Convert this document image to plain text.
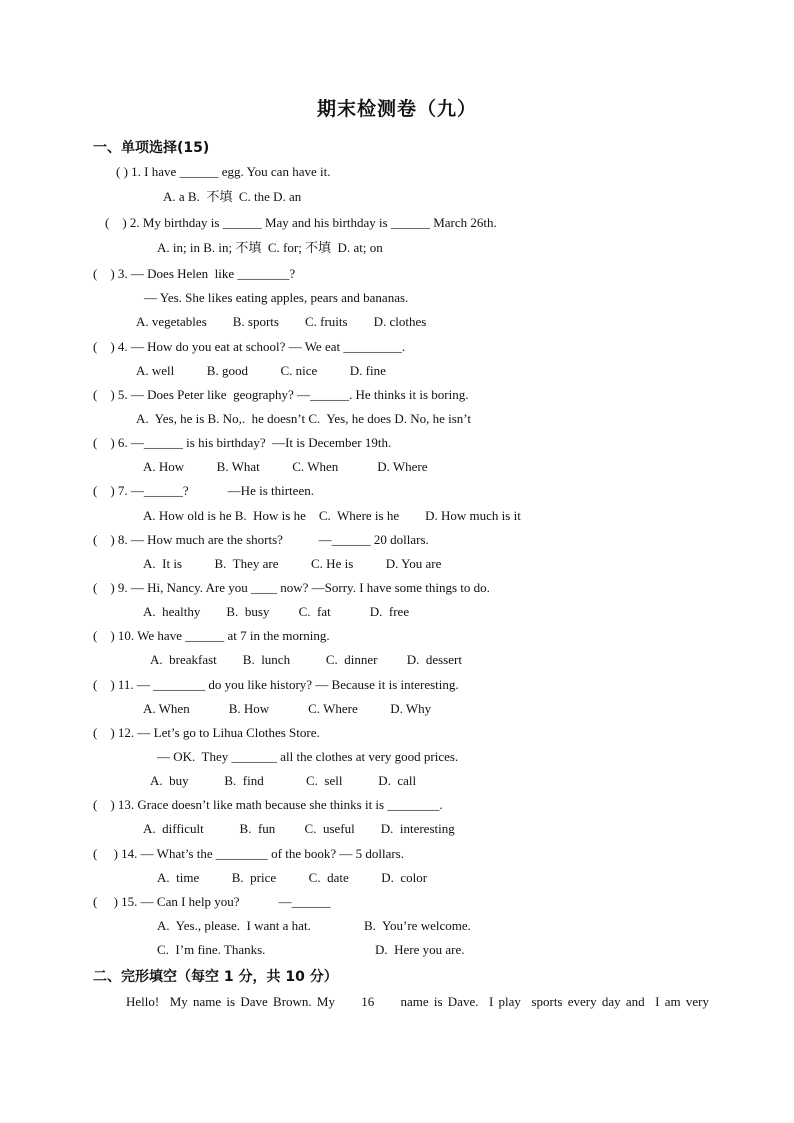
期末检测卷（九）
一、单项选择(15)
( ) 1. I have ______ egg. You can have it.
A. a B.  不填  C. the D. an
(    ) 2. My birthday is ______ May and his birthday is ______ March 26th.
A. in; in B. in; 不填  C. for; 不填  D. at; on
(    ) 3. — Does Helen  like ________?
— Yes. She likes eating apples, pears and bananas.
A. vegetables        B. sports        C. fruits        D. clothes
(    ) 4. — How do you eat at school? — We eat _________.
A. well          B. good          C. nice          D. fine
(    ) 5. — Does Peter like  geography? —______. He thinks it is boring.
A.  Yes, he is B. No,.  he doesn’t C.  Yes, he does D. No, he isn’t
(    ) 6. —______ is his birthday?  —It is December 19th.
A. How          B. What          C. When            D. Where
(    ) 7. —______?            —He is thirteen.
A. How old is he B.  How is he    C.  Where is he        D. How much is it
(    ) 8. — How much are the shorts?           —______ 20 dollars.
A.  It is          B.  They are          C. He is          D. You are
(    ) 9. — Hi, Nancy. Are you ____ now? —Sorry. I have some things to do.
A.  healthy        B.  busy         C.  fat            D.  free
(    ) 10. We have ______ at 7 in the morning.
A.  breakfast        B.  lunch           C.  dinner         D.  dessert
(    ) 11. — ________ do you like history? — Because it is interesting.
A. When            B. How            C. Where          D. Why
(    ) 12. — Let’s go to Lihua Clothes Store.
— OK.  They _______ all the clothes at very good prices.
A.  buy           B.  find             C.  sell           D.  call
(    ) 13. Grace doesn’t like math because she thinks it is ________.
A.  difficult           B.  fun         C.  useful        D.  interesting
(     ) 14. — What’s the ________ of the book? — 5 dollars.
A.  time          B.  price          C.  date          D.  color
(     ) 15. — Can I help you?            —______
A.  Yes., please.  I want a hat.	B.  You’re welcome.
C.  I’m fine. Thanks.	D.  Here you are.
二、完形填空（每空 1 分，共 10 分）
Hello!  My name is Dave Brown. My     16     name is Dave.  I play  sports every day and  I am very
